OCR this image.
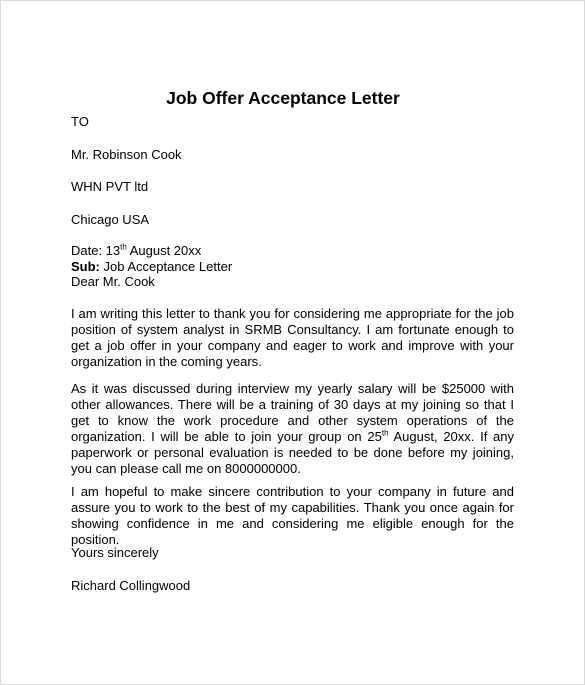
Job Offer Acceptance Letter
TO
Mr. Robinson Cook
WHN PVT ltd
Chicago USA
Date: 13th August 20xx
Sub: Job Acceptance Letter
Dear Mr. Cook
I am writing this letter to thank you for considering me appropriate for the job position of system analyst in SRMB Consultancy. I am fortunate enough to get a job offer in your company and eager to work and improve with your organization in the coming years.
As it was discussed during interview my yearly salary will be $25000 with other allowances. There will be a training of 30 days at my joining so that I get to know the work procedure and other system operations of the organization. I will be able to join your group on 25th August, 20xx. If any paperwork or personal evaluation is needed to be done before my joining, you can please call me on 8000000000.
I am hopeful to make sincere contribution to your company in future and assure you to work to the best of my capabilities. Thank you once again for showing confidence in me and considering me eligible enough for the position.
Yours sincerely
Richard Collingwood
